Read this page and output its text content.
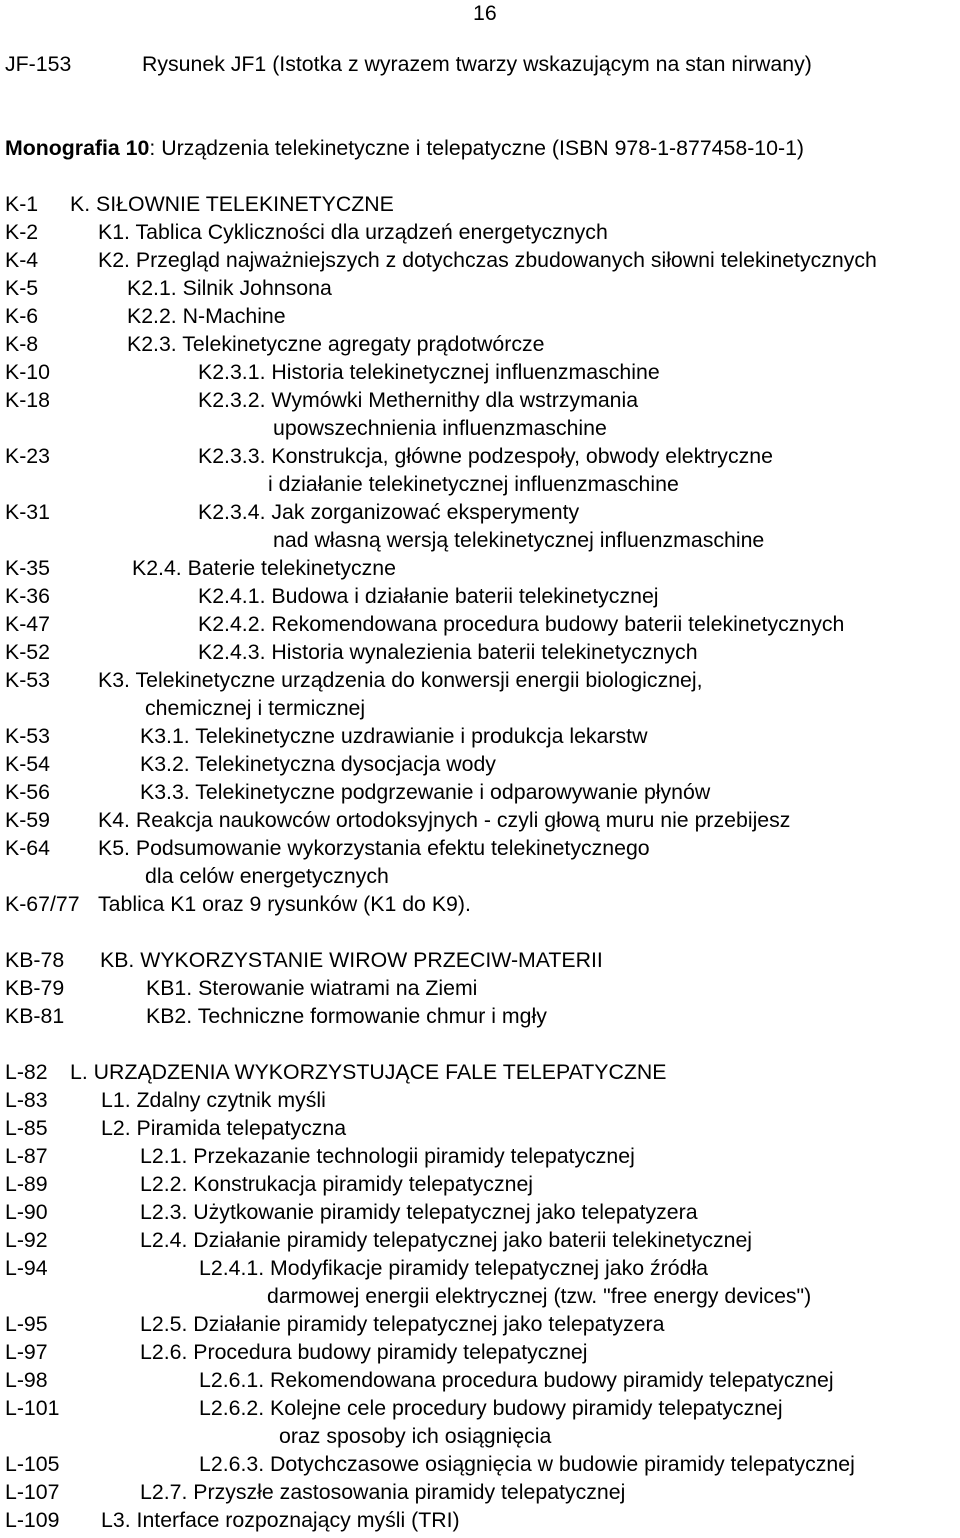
16
JF-153	Rysunek JF1 (Istotka z wyrazem twarzy wskazującym na stan nirwany)
Monografia 10: Urządzenia telekinetyczne i telepatyczne (ISBN 978-1-877458-10-1)
K-1 K. SIŁOWNIE TELEKINETYCZNE
K-2	K1. Tablica Cykliczności dla urządzeń energetycznych
K-4	K2. Przegląd najważniejszych z dotychczas zbudowanych siłowni telekinetycznych
K-5	K2.1. Silnik Johnsona
K-6	K2.2. N-Machine
K-8	K2.3. Telekinetyczne agregaty prądotwórcze
K-10	K2.3.1. Historia telekinetycznej influenzmaschine
K-18	K2.3.2. Wymówki Methernithy dla wstrzymania
upowszechnienia influenzmaschine
K-23	K2.3.3. Konstrukcja, główne podzespoły, obwody elektryczne
i działanie telekinetycznej influenzmaschine
K-31	K2.3.4. Jak zorganizować eksperymenty
nad własną wersją telekinetycznej influenzmaschine
K-35	K2.4. Baterie telekinetyczne
K-36	K2.4.1. Budowa i działanie baterii telekinetycznej
K-47	K2.4.2. Rekomendowana procedura budowy baterii telekinetycznych
K-52	K2.4.3. Historia wynalezienia baterii telekinetycznych
K-53 K3. Telekinetyczne urządzenia do konwersji energii biologicznej,
chemicznej i termicznej
K-53	K3.1. Telekinetyczne uzdrawianie i produkcja lekarstw
K-54	K3.2. Telekinetyczna dysocjacja wody
K-56	K3.3. Telekinetyczne podgrzewanie i odparowywanie płynów
K-59 K4. Reakcja naukowców ortodoksyjnych - czyli głową muru nie przebijesz
K-64 K5. Podsumowanie wykorzystania efektu telekinetycznego
dla celów energetycznych
K-67/77 Tablica K1 oraz 9 rysunków (K1 do K9).
KB-78 KB. WYKORZYSTANIE WIROW PRZECIW-MATERII
KB-79	KB1. Sterowanie wiatrami na Ziemi
KB-81	KB2. Techniczne formowanie chmur i mgły
L-82 L. URZĄDZENIA WYKORZYSTUJĄCE FALE TELEPATYCZNE
L-83	L1. Zdalny czytnik myśli
L-85	L2. Piramida telepatyczna
L-87	L2.1. Przekazanie technologii piramidy telepatycznej
L-89	L2.2. Konstrukacja piramidy telepatycznej
L-90	L2.3. Użytkowanie piramidy telepatycznej jako telepatyzera
L-92	L2.4. Działanie piramidy telepatycznej jako baterii telekinetycznej
L-94	L2.4.1. Modyfikacje piramidy telepatycznej jako źródła
darmowej energii elektrycznej (tzw. "free energy devices")
L-95	L2.5. Działanie piramidy telepatycznej jako telepatyzera
L-97	L2.6. Procedura budowy piramidy telepatycznej
L-98	L2.6.1. Rekomendowana procedura budowy piramidy telepatycznej
L-101	L2.6.2. Kolejne cele procedury budowy piramidy telepatycznej
oraz sposoby ich osiągnięcia
L-105	L2.6.3. Dotychczasowe osiągnięcia w budowie piramidy telepatycznej
L-107	L2.7. Przyszłe zastosowania piramidy telepatycznej
L-109 L3. Interface rozpoznający myśli (TRI)
